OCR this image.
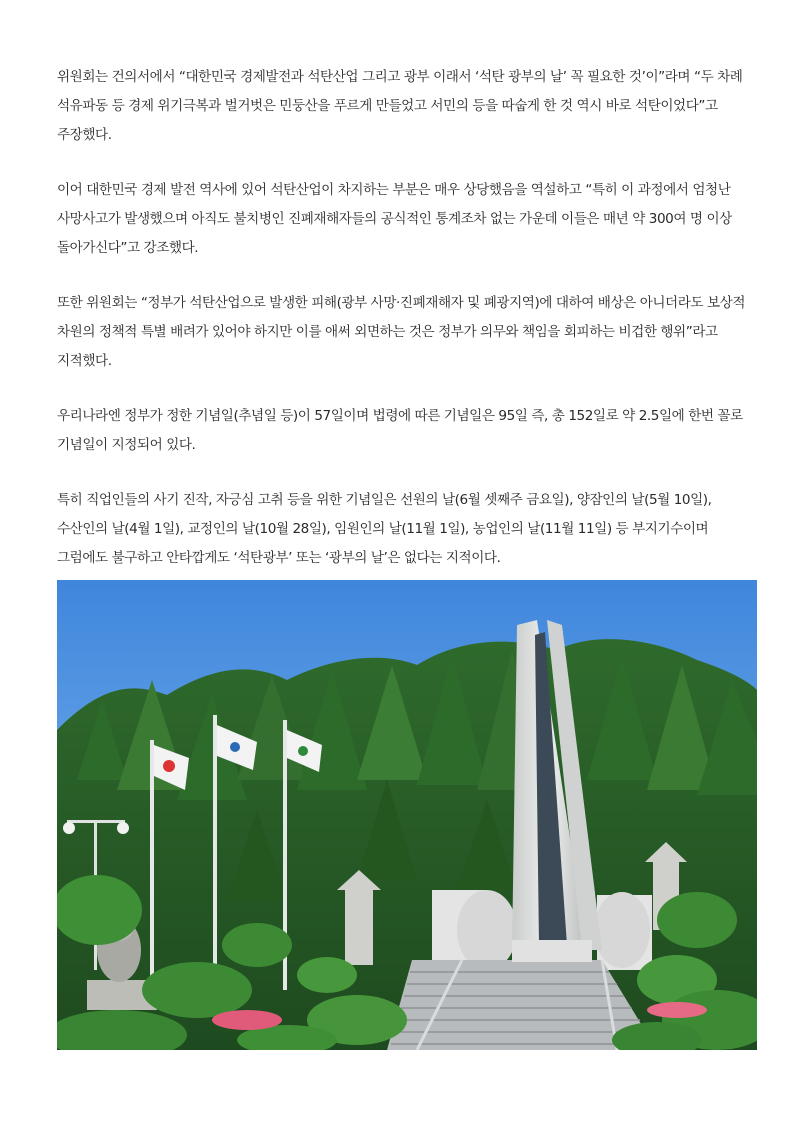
위원회는 건의서에서 “대한민국 경제발전과 석탄산업 그리고 광부 이래서 ‘석탄 광부의 날’ 꼭 필요한 것’이”라며 “두 차례 석유파동 등 경제 위기극복과 벌거벗은 민둥산을 푸르게 만들었고 서민의 등을 따숩게 한 것 역시 바로 석탄이었다”고 주장했다.

이어 대한민국 경제 발전 역사에 있어 석탄산업이 차지하는 부분은 매우 상당했음을 역설하고 “특히 이 과정에서 엄청난 사망사고가 발생했으며 아직도 불치병인 진폐재해자들의 공식적인 통계조차 없는 가운데 이들은 매년 약 300여 명 이상 돌아가신다”고 강조했다.

또한 위원회는 “정부가 석탄산업으로 발생한 피해(광부 사망·진폐재해자 및 폐광지역)에 대하여 배상은 아니더라도 보상적 차원의 정책적 특별 배려가 있어야 하지만 이를 애써 외면하는 것은 정부가 의무와 책임을 회피하는 비겁한 행위”라고 지적했다.

우리나라엔 정부가 정한 기념일(추념일 등)이 57일이며 법령에 따른 기념일은 95일 즉, 총 152일로 약 2.5일에 한번 꼴로 기념일이 지정되어 있다.

특히 직업인들의 사기 진작, 자긍심 고취 등을 위한 기념일은 선원의 날(6월 셋째주 금요일), 양잠인의 날(5월 10일), 수산인의 날(4월 1일), 교정인의 날(10월 28일), 임원인의 날(11월 1일), 농업인의 날(11월 11일) 등 부지기수이며 그럼에도 불구하고 안타깝게도 ‘석탄광부’ 또는 ‘광부의 날’은 없다는 지적이다.
